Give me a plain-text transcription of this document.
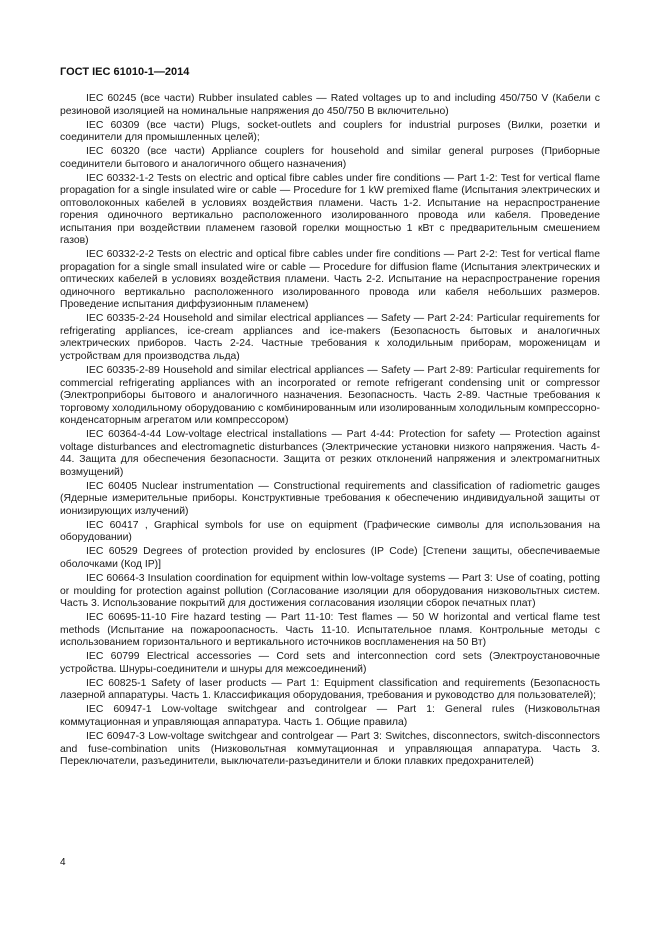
ГОСТ IEC 61010-1—2014

IEC 60245 (все части) Rubber insulated cables — Rated voltages up to and including 450/750 V (Кабели с резиновой изоляцией на номинальные напряжения до 450/750 В включительно)

IEC 60309 (все части) Plugs, socket-outlets and couplers for industrial purposes (Вилки, розетки и соединители для промышленных целей);

IEC 60320 (все части) Appliance couplers for household and similar general purposes (Приборные соединители бытового и аналогичного общего назначения)

IEC 60332-1-2 Tests on electric and optical fibre cables under fire conditions — Part 1-2: Test for vertical flame propagation for a single insulated wire or cable — Procedure for 1 kW premixed flame (Испытания электрических и оптоволоконных кабелей в условиях воздействия пламени. Часть 1-2. Испытание на нераспространение горения одиночного вертикально расположенного изолированного провода или кабеля. Проведение испытания при воздействии пламенем газовой горелки мощностью 1 кВт с предварительным смешением газов)

IEC 60332-2-2 Tests on electric and optical fibre cables under fire conditions — Part 2-2: Test for vertical flame propagation for a single small insulated wire or cable — Procedure for diffusion flame (Испытания электрических и оптических кабелей в условиях воздействия пламени. Часть 2-2. Испытание на нераспространение горения одиночного вертикально расположенного изолированного провода или кабеля небольших размеров. Проведение испытания диффузионным пламенем)

IEC 60335-2-24 Household and similar electrical appliances — Safety — Part 2-24: Particular requirements for refrigerating appliances, ice-cream appliances and ice-makers (Безопасность бытовых и аналогичных электрических приборов. Часть 2-24. Частные требования к холодильным приборам, мороженицам и устройствам для производства льда)

IEC 60335-2-89 Household and similar electrical appliances — Safety — Part 2-89: Particular requirements for commercial refrigerating appliances with an incorporated or remote refrigerant condensing unit or compressor (Электроприборы бытового и аналогичного назначения. Безопасность. Часть 2-89. Частные требования к торговому холодильному оборудованию с комбинированным или изолированным холодильным компрессорно-конденсаторным агрегатом или компрессором)

IEC 60364-4-44 Low-voltage electrical installations — Part 4-44: Protection for safety — Protection against voltage disturbances and electromagnetic disturbances (Электрические установки низкого напряжения. Часть 4-44. Защита для обеспечения безопасности. Защита от резких отклонений напряжения и электромагнитных возмущений)

IEC 60405 Nuclear instrumentation — Constructional requirements and classification of radiometric gauges (Ядерные измерительные приборы. Конструктивные требования к обеспечению индивидуальной защиты от ионизирующих излучений)

IEC 60417 , Graphical symbols for use on equipment (Графические символы для использования на оборудовании)

IEC 60529 Degrees of protection provided by enclosures (IP Code) [Степени защиты, обеспечиваемые оболочками (Код IP)]

IEC 60664-3 Insulation coordination for equipment within low-voltage systems — Part 3: Use of coating, potting or moulding for protection against pollution (Согласование изоляции для оборудования низковольтных систем. Часть 3. Использование покрытий для достижения согласования изоляции сборок печатных плат)

IEC 60695-11-10 Fire hazard testing — Part 11-10: Test flames — 50 W horizontal and vertical flame test methods (Испытание на пожароопасность. Часть 11-10. Испытательное пламя. Контрольные методы с использованием горизонтального и вертикального источников воспламенения на 50 Вт)

IEC 60799 Electrical accessories — Cord sets and interconnection cord sets (Электроустановочные устройства. Шнуры-соединители и шнуры для межсоединений)

IEC 60825-1 Safety of laser products — Part 1: Equipment classification and requirements (Безопасность лазерной аппаратуры. Часть 1. Классификация оборудования, требования и руководство для пользователей);

IEC 60947-1 Low-voltage switchgear and controlgear — Part 1: General rules (Низковольтная коммутационная и управляющая аппаратура. Часть 1. Общие правила)

IEC 60947-3 Low-voltage switchgear and controlgear — Part 3: Switches, disconnectors, switch-disconnectors and fuse-combination units (Низковольтная коммутационная и управляющая аппаратура. Часть 3. Переключатели, разъединители, выключатели-разъединители и блоки плавких предохранителей)

4
